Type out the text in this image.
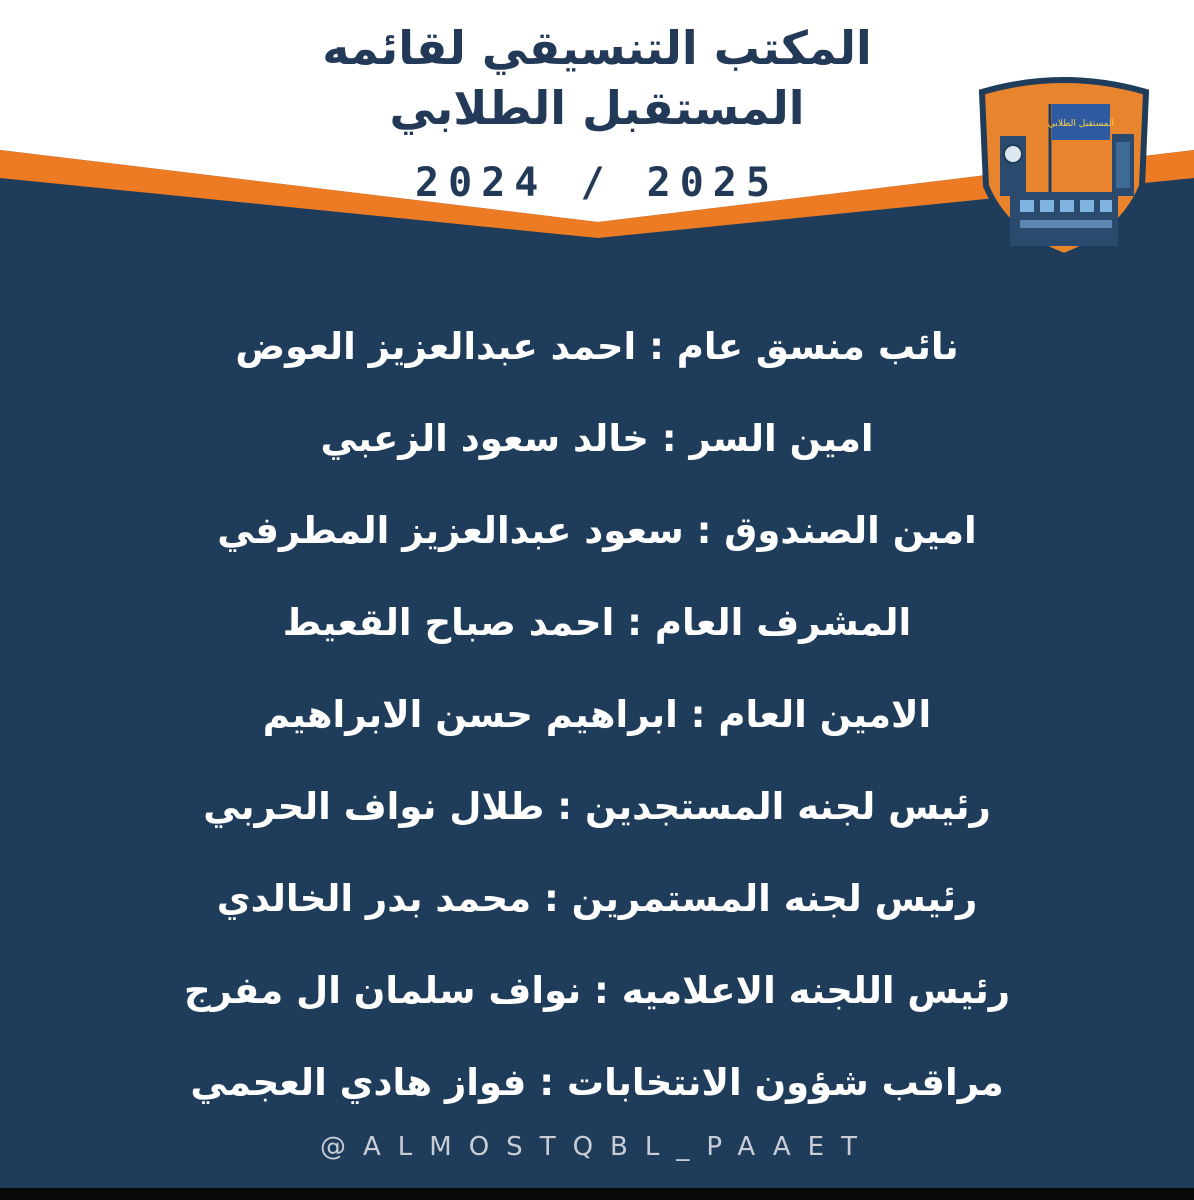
المكتب التنسيقي لقائمه
المستقبل الطلابي
2024 / 2025
المستقبل الطلابي
نائب منسق عام : احمد عبدالعزيز العوض
امين السر : خالد سعود الزعبي
امين الصندوق : سعود عبدالعزيز المطرفي
المشرف العام : احمد صباح القعيط
الامين العام : ابراهيم حسن الابراهيم
رئيس لجنه المستجدين : طلال نواف الحربي
رئيس لجنه المستمرين : محمد بدر الخالدي
رئيس اللجنه الاعلاميه : نواف سلمان ال مفرج
مراقب شؤون الانتخابات : فواز هادي العجمي
@ALMOSTQBL_PAAET
